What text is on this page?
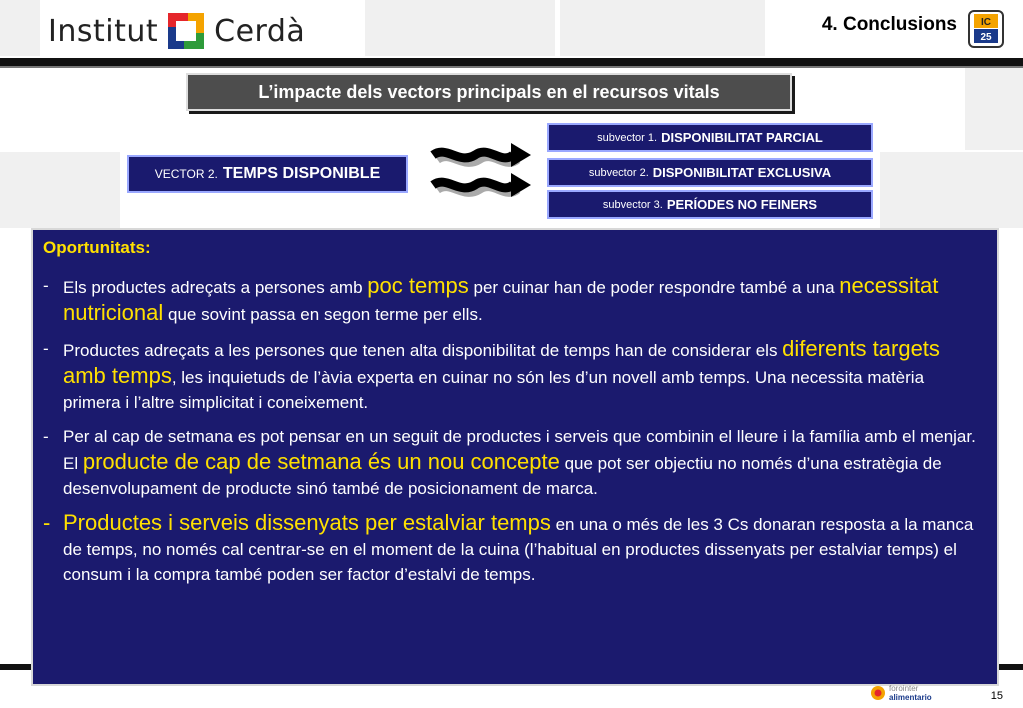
Institut Cerdà	4. Conclusions IC
25
L’impacte dels vectors principals en el recursos vitals
VECTOR 2. TEMPS DISPONIBLE
subvector 1. DISPONIBILITAT PARCIAL
subvector 2. DISPONIBILITAT EXCLUSIVA
subvector 3. PERÍODES NO FEINERS
Oportunitats:
- Els productes adreçats a persones amb poc temps per cuinar han de poder respondre també a una necessitat nutricional que sovint passa en segon terme per ells.
- Productes adreçats a les persones que tenen alta disponibilitat de temps han de considerar els diferents targets amb temps, les inquietuds de l’àvia experta en cuinar no són les d’un novell amb temps. Una necessita matèria primera i l’altre simplicitat i coneixement.
- Per al cap de setmana es pot pensar en un seguit de productes i serveis que combinin el lleure i la família amb el menjar. El producte de cap de setmana és un nou concepte que pot ser objectiu no només d’una estratègia de desenvolupament de producte sinó també de posicionament de marca.
- Productes i serveis dissenyats per estalviar temps en una o més de les 3 Cs donaran resposta a la manca de temps, no només cal centrar-se en el moment de la cuina (l’habitual en productes dissenyats per estalviar temps) el consum i la compra també poden ser factor d’estalvi de temps.
forointer
alimentario	15
